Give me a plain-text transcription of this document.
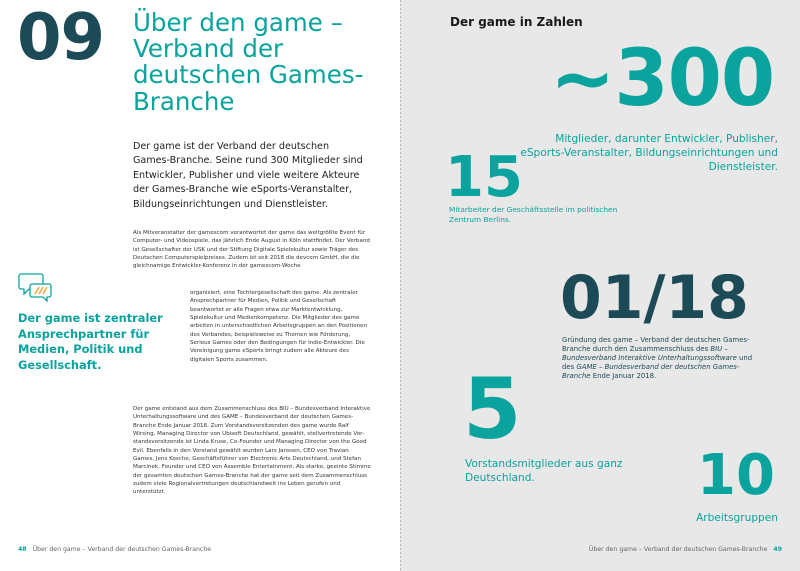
09 Über den game – Verband der deutschen Games-Branche

Der game ist der Verband der deutschen Games-Branche. Seine rund 300 Mitglieder sind Entwickler, Publisher und viele weitere Akteure der Games-Branche wie eSports-Veranstalter, Bildungseinrichtungen und Dienstleister.

Als Mitveranstalter der gamescom verantwortet der game das weltgrößte Event für Computer- und Videospiele, das jährlich Ende August in Köln stattfindet. Der Verband ist Gesellschafter der USK und der Stiftung Digitale Spielekultur sowie Träger des Deutschen Computerspielpreises. Zudem ist seit 2018 die devcom GmbH, die die gleichnamige Entwickler-Konferenz in der gamescom-Woche

organisiert, eine Tochtergesellschaft des game. Als zentraler Ansprechpartner für Medien, Politik und Gesellschaft beantwortet er alle Fragen etwa zur Marktentwicklung, Spielekultur und Medienkompetenz. Die Mitglieder des game arbeiten in unterschiedlichen Arbeitsgruppen an den Positionen des Verbandes, beispielsweise zu Themen wie Förderung, Serious Games oder den Bedingungen für Indie-Entwickler. Die Vereinigung game eSports bringt zudem alle Akteure des digitalen Sports zusammen.

Der game entstand aus dem Zusammenschluss des BIU – Bundesverband Interaktive Unterhaltungssoftware und des GAME – Bundesverband der deutschen Games-Branche Ende Januar 2018. Zum Vorstandsvorsitzenden des game wurde Ralf Wirsing, Managing Director von Ubisoft Deutschland, gewählt, stellvertretende Vorstandsvorsitzende ist Linda Kruse, Co-Founder und Managing Director von the Good Evil. Ebenfalls in den Vorstand gewählt wurden Lars Janssen, CEO von Travian Games, Jens Kosche, Geschäftsführer von Electronic Arts Deutschland, und Stefan Marcinek, Founder und CEO von Assemble Entertainment. Als starke, geeinte Stimme der gesamten deutschen Games-Branche hat der game seit dem Zusammenschluss zudem viele Regionalvertretungen deutschlandweit ins Leben gerufen und unterstützt.

Der game ist zentraler Ansprechpartner für Medien, Politik und Gesellschaft.
48 Über den game – Verband der deutschen Games-Branche
Der game in Zahlen
~300
Mitglieder, darunter Entwickler, Publisher, eSports-Veranstalter, Bildungseinrichtungen und Dienstleister.
15
Mitarbeiter der Geschäftsstelle im politischen Zentrum Berlins.
01/18
Gründung des game – Verband der deutschen Games-Branche durch den Zusammenschluss des BIU – Bundesverband Interaktive Unterhaltungssoftware und des GAME – Bundesverband der deutschen Games-Branche Ende Januar 2018.
5
Vorstandsmitglieder aus ganz Deutschland.	10
Arbeitsgruppen
Über den game – Verband der deutschen Games-Branche 49
